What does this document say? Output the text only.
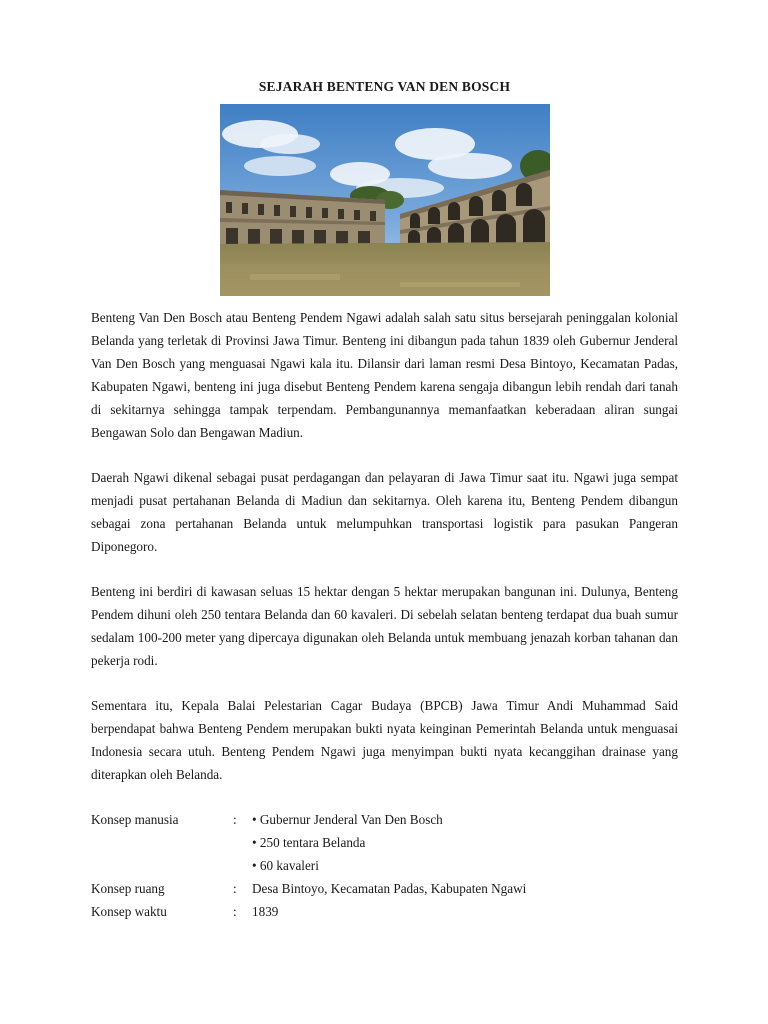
SEJARAH BENTENG VAN DEN BOSCH

Benteng Van Den Bosch atau Benteng Pendem Ngawi adalah salah satu situs bersejarah peninggalan kolonial Belanda yang terletak di Provinsi Jawa Timur. Benteng ini dibangun pada tahun 1839 oleh Gubernur Jenderal Van Den Bosch yang menguasai Ngawi kala itu. Dilansir dari laman resmi Desa Bintoyo, Kecamatan Padas, Kabupaten Ngawi, benteng ini juga disebut Benteng Pendem karena sengaja dibangun lebih rendah dari tanah di sekitarnya sehingga tampak terpendam. Pembangunannya memanfaatkan keberadaan aliran sungai Bengawan Solo dan Bengawan Madiun.

Daerah Ngawi dikenal sebagai pusat perdagangan dan pelayaran di Jawa Timur saat itu. Ngawi juga sempat menjadi pusat pertahanan Belanda di Madiun dan sekitarnya. Oleh karena itu, Benteng Pendem dibangun sebagai zona pertahanan Belanda untuk melumpuhkan transportasi logistik para pasukan Pangeran Diponegoro.

Benteng ini berdiri di kawasan seluas 15 hektar dengan 5 hektar merupakan bangunan ini. Dulunya, Benteng Pendem dihuni oleh 250 tentara Belanda dan 60 kavaleri. Di sebelah selatan benteng terdapat dua buah sumur sedalam 100-200 meter yang dipercaya digunakan oleh Belanda untuk membuang jenazah korban tahanan dan pekerja rodi.

Sementara itu, Kepala Balai Pelestarian Cagar Budaya (BPCB) Jawa Timur Andi Muhammad Said berpendapat bahwa Benteng Pendem merupakan bukti nyata keinginan Pemerintah Belanda untuk menguasai Indonesia secara utuh. Benteng Pendem Ngawi juga menyimpan bukti nyata kecanggihan drainase yang diterapkan oleh Belanda.

Konsep manusia	:	• Gubernur Jenderal Van Den Bosch
• 250 tentara Belanda
• 60 kavaleri
Konsep ruang	:	Desa Bintoyo, Kecamatan Padas, Kabupaten Ngawi
Konsep waktu	:	1839
